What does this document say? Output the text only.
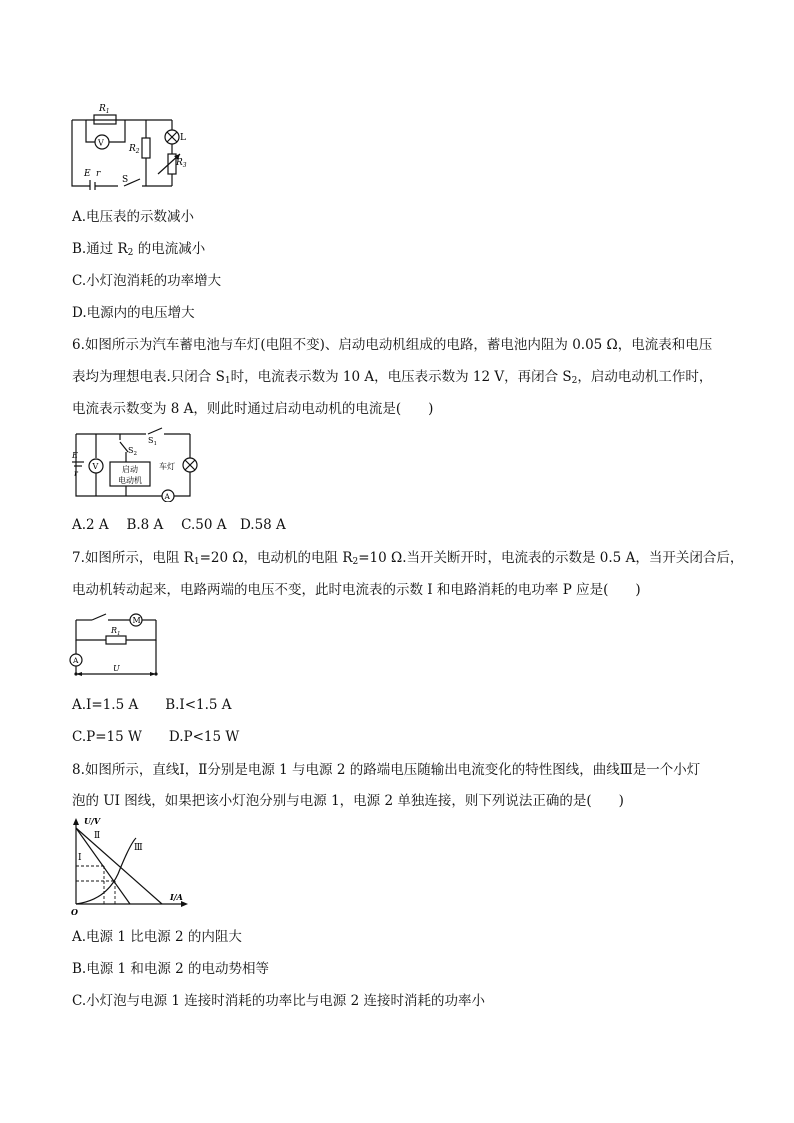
$R_1$
V
$R_2$
L
$R_3$
E r
S
A.电压表的示数减小
B.通过 $R_2$ 的电流减小
C.小灯泡消耗的功率增大
D.电源内的电压增大
6.如图所示为汽车蓄电池与车灯(电阻不变)、启动电动机组成的电路，蓄电池内阻为 0.05 Ω，电流表和电压
表均为理想电表.只闭合 $S_1$时，电流表示数为 10 A，电压表示数为 12 V，再闭合 $S_2$，启动电动机工作时，
电流表示数变为 8 A，则此时通过启动电动机的电流是(　　)
E
r
V
$S_1$
$S_2$
启动
电动机
车灯
A
A.2 A　 B.8 A　 C.50 A　D.58 A
7.如图所示，电阻 $R_1=20$ Ω，电动机的电阻 $R_2=10$ Ω.当开关断开时，电流表的示数是 0.5 A，当开关闭合后，
电动机转动起来，电路两端的电压不变，此时电流表的示数 I 和电路消耗的电功率 P 应是(　　)
M
$R_1$
A
U
A.I=1.5 A　　B.I<1.5 A
C.P=15 W　　D.P<15 W
8.如图所示，直线Ⅰ，Ⅱ分别是电源 1 与电源 2 的路端电压随输出电流变化的特性图线，曲线Ⅲ是一个小灯
泡的 UI 图线，如果把该小灯泡分别与电源 1，电源 2 单独连接，则下列说法正确的是(　　)
U/V
I/A
O
Ⅰ
Ⅱ
Ⅲ
A.电源 1 比电源 2 的内阻大
B.电源 1 和电源 2 的电动势相等
C.小灯泡与电源 1 连接时消耗的功率比与电源 2 连接时消耗的功率小
